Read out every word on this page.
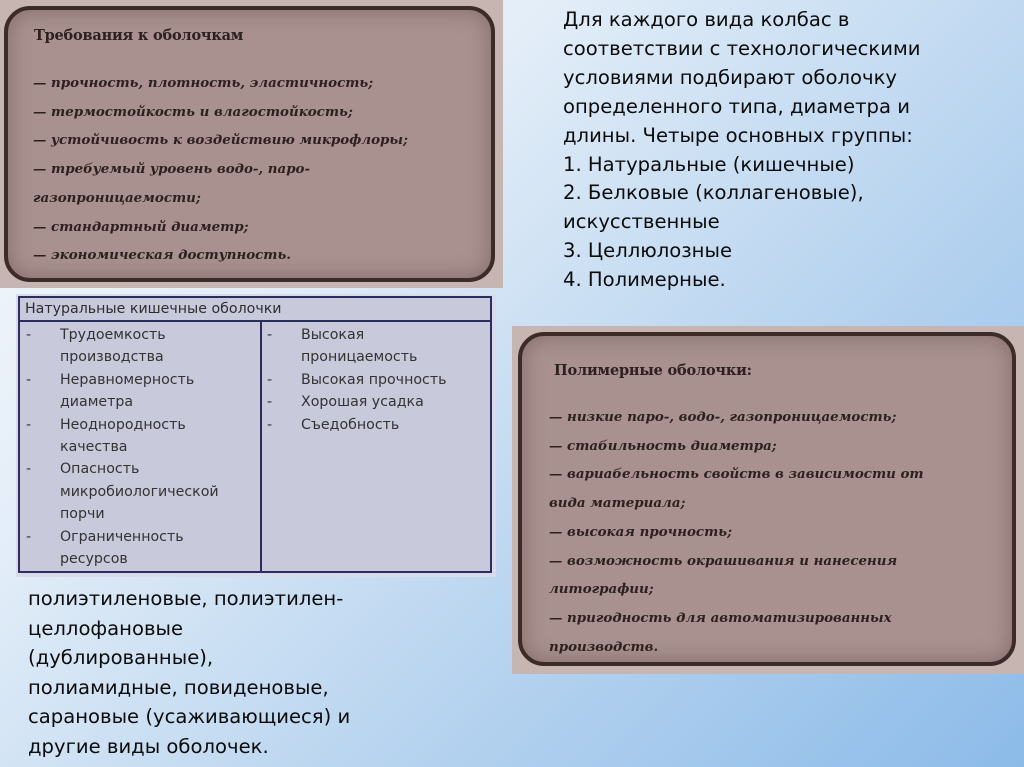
Требования к оболочкам

— прочность, плотность, эластичность;
— термостойкость и влагостойкость;
— устойчивость к воздействию микрофлоры;
— требуемый уровень водо-, паро-
газопроницаемости;
— стандартный диаметр;
— экономическая доступность.
Для каждого вида колбас в
соответствии с технологическими
условиями подбирают оболочку
определенного типа, диаметра и
длины. Четыре основных группы:
1. Натуральные (кишечные)
2. Белковые (коллагеновые),
искусственные
3. Целлюлозные
4. Полимерные.
Натуральные кишечные оболочки
- Трудоемкость
производства
- Неравномерность
диаметра
- Неоднородность
качества
- Опасность
микробиологической
порчи
- Ограниченность
ресурсов
- Высокая
проницаемость
- Высокая прочность
- Хорошая усадка
- Съедобность

Полимерные оболочки:

— низкие паро-, водо-, газопроницаемость;
— стабильность диаметра;
— вариабельность свойств в зависимости от
вида материала;
— высокая прочность;
— возможность окрашивания и нанесения
литографии;
— пригодность для автоматизированных
производств.
полиэтиленовые, полиэтилен-
целлофановые
(дублированные),
полиамидные, повиденовые,
сарановые (усаживающиеся) и
другие виды оболочек.
